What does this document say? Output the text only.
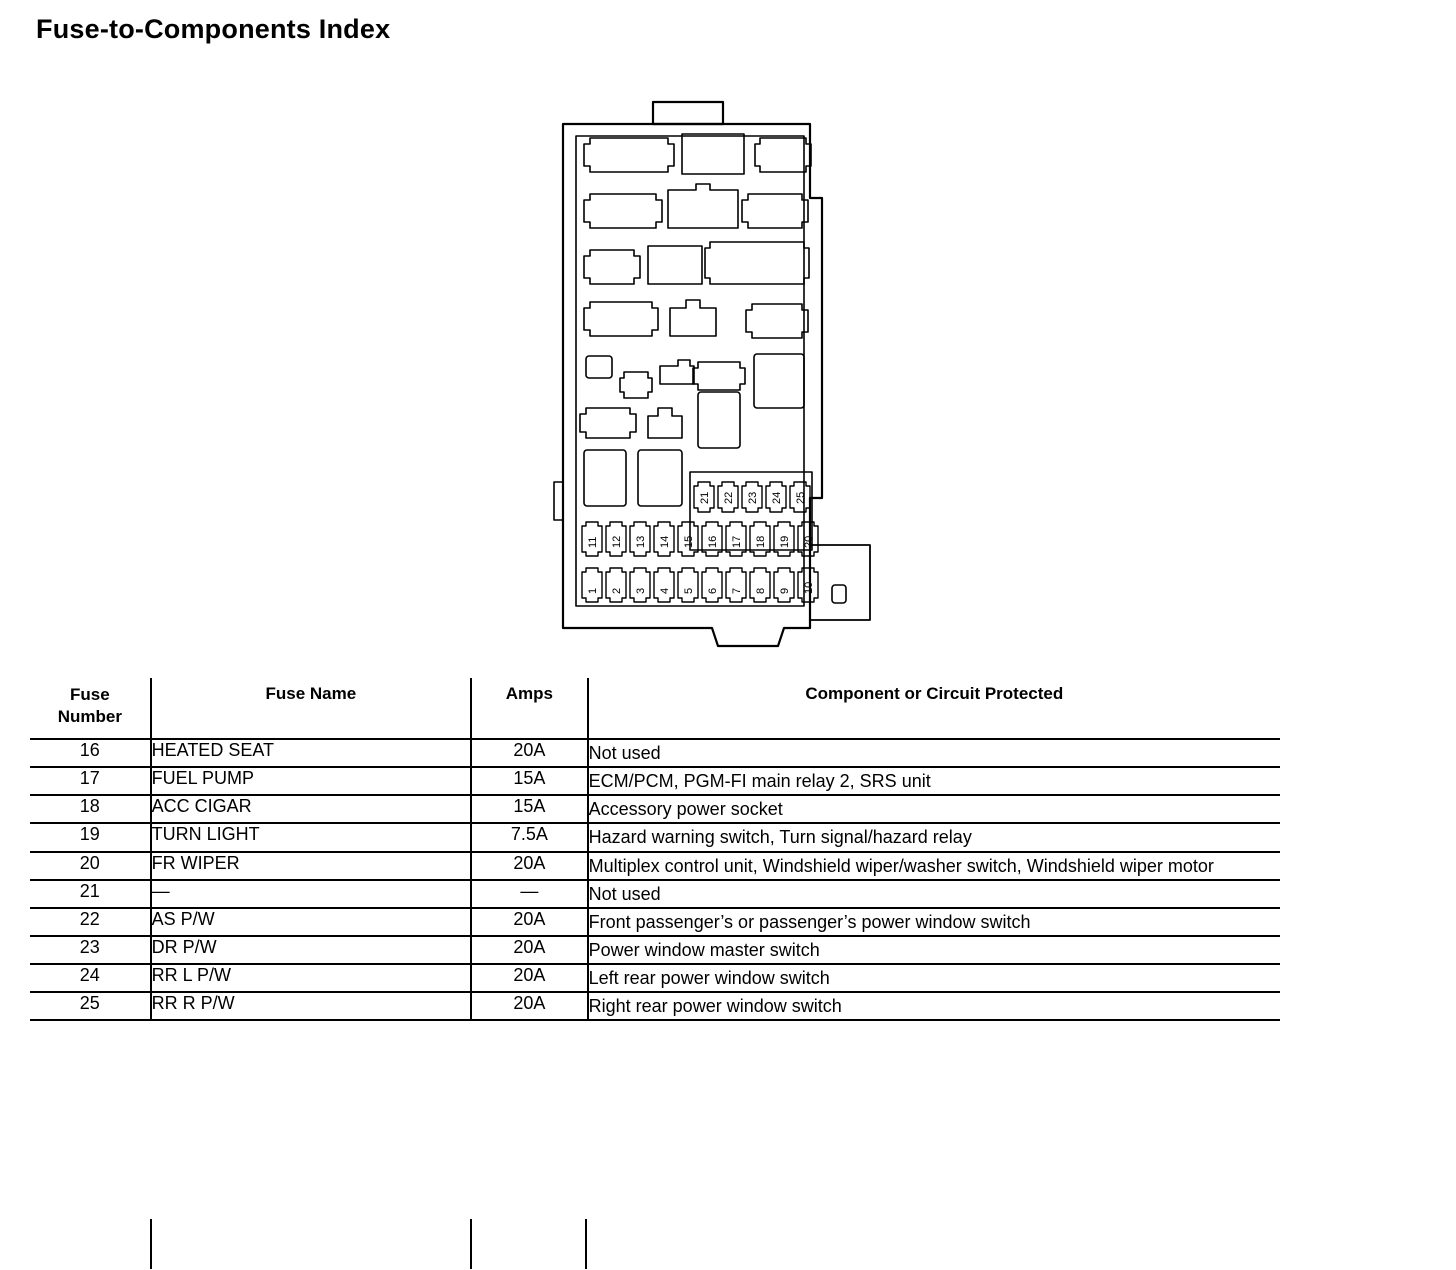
Fuse-to-Components Index
21 22 23 24 25
11 12 13 14 15 16 17 18 19 20
1 2 3 4 5 6 7 8 9 10
Fuse
Number	Fuse Name	Amps	Component or Circuit Protected
16	HEATED SEAT	20A	Not used
17	FUEL PUMP	15A	ECM/PCM, PGM-FI main relay 2, SRS unit
18	ACC CIGAR	15A	Accessory power socket
19	TURN LIGHT	7.5A	Hazard warning switch, Turn signal/hazard relay
20	FR WIPER	20A	Multiplex control unit, Windshield wiper/washer switch, Windshield wiper motor
21	—	—	Not used
22	AS P/W	20A	Front passenger’s or passenger’s power window switch
23	DR P/W	20A	Power window master switch
24	RR L P/W	20A	Left rear power window switch
25	RR R P/W	20A	Right rear power window switch
